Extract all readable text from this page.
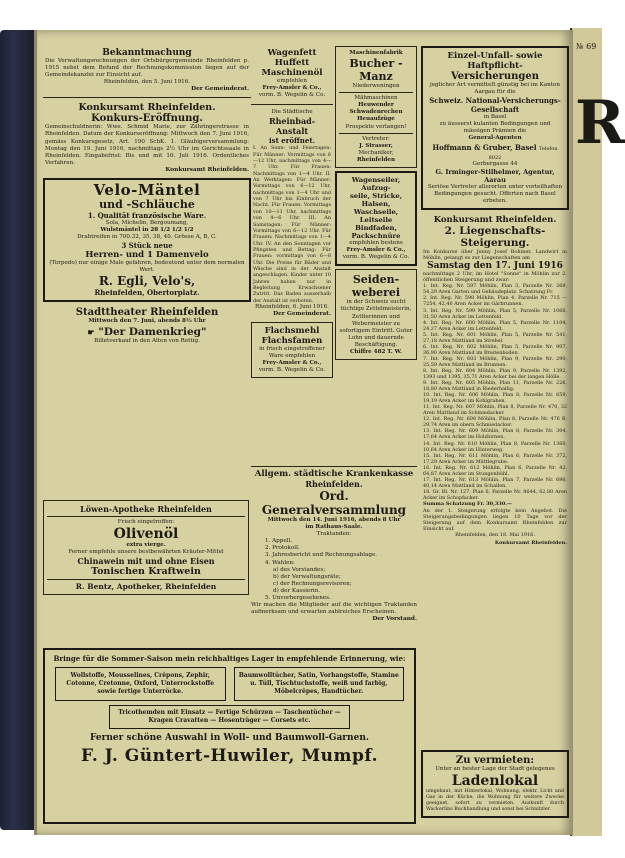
№ 69
R
Bekanntmachung

Die Verwaltungsrechnungen der Ortsbürgergemeinde Rheinfelden p. 1915 nebst dem Befund der Rechnungskommission liegen auf der Gemeindekanzlei zur Einsicht auf.

Rheinfelden, den 5. Juni 1916.

Der Gemeinderat.

Konkursamt Rheinfelden.
Konkurs-Eröffnung.

Gemeinschuldnerin: Wwe. Schmid Marie, zur Zähringerstrasse in Rheinfelden. Datum der Konkurseröffnung: Mittwoch den 7. Juni 1916, gemäss Konkursgesetz, Art. 190 SchK. 1. Gläubigerversammlung: Montag den 19. Juni 1916, nachmittags 2½ Uhr im Gerichtssaale in Rheinfelden. Eingabefrist: Bis und mit 10. Juli 1916. Ordentliches Verfahren.

Konkursamt Rheinfelden.

Velo-Mäntel
und -Schläuche
1. Qualität französische Ware.

Sola, Michelin, Bergoumang,

Wulstmäntel in 28 1/2 1/2 1/2

Drahtreifen in 700.32, 35, 38, 40. Grösse A, B, C.

3 Stück neue
Herren- und 1 Damenvelo

(Torpedo) nur einige Male gefahren, bedeutend unter dem normalen Wert.

R. Egli, Velo's,
Rheinfelden, Obertorplatz.
Stadttheater Rheinfelden

Mittwoch den 7. Juni, abends 8½ Uhr

☛ "Der Damenkrieg"

Billetverkauf in den Alten von Rettig.

Löwen-Apotheke Rheinfelden

Frisch eingetroffen:

Olivenöl

extra vierge.

Ferner empfehle unsere bestbewährten Kräuter-Mittel

Chinawein mit und ohne Eisen
Tonischen Kraftwein
R. Bentz, Apotheker, Rheinfelden
Wagenfett
Huffett
Maschinenöl

empfehlen

Frey-Amsler & Co.,

vorm. B. Wegelin & Co.

Die Städtische

Rheinbad-Anstalt
ist eröffnet.

I. An Sonn- und Feiertagen: Für Männer: Vormittags von 6—12 Uhr, nachmittags von 4—7 Uhr. Für Frauen: Nachmittags von 1—4 Uhr. II. An Werktagen: Für Männer: Vormittags von 6—12 Uhr, nachmittags von 1—4 Uhr und von 7 Uhr bis Einbruch der Nacht. Für Frauen: Vormittags von 10—11 Uhr, nachmittags von 4—6 Uhr. III. An Samstagen: Für Männer: Vormittags von 6—12 Uhr. Für Frauen: Nachmittags von 1—4 Uhr. IV. An den Sonntagen vor Pfingsten und Bettag: Für Frauen: vormittags von 6—8 Uhr. Die Preise für Bäder und Wäsche sind in der Anstalt angeschlagen. Kinder unter 10 Jahren haben nur in Begleitung Erwachsener Zutritt. Das Baden ausserhalb der Anstalt ist verboten.

Rheinfelden, 6. Juni 1916.

Der Gemeinderat.

Flachsmehl
Flachsfamen

in frisch eingetroffener Ware empfehlen

Frey-Amsler & Co.,

vorm. B. Wegelin & Co.

Maschinenfabrik

Bucher - Manz

Niederweningen

Mähmaschinen

Heuwender

Schwadenrechen

Heuaufzüge

Prospekte verlangen!

Vertreter:

J. Strasser,

Mechaniker,

Rheinfelden

Wagenseiler, Aufzug-
seile, Stricke, Halsen,
Waschseile,
Leitseile
Bindfaden, Packschnüre

empfehlen bestens

Frey-Amsler & Co.,

vorm. B. Wegelin & Co.

Seiden-
weberei

in der Schweiz sucht tüchtige Zettelmeisterin, Zettlerinnen und Webermeister zu sofortigem Eintritt. Guter Lohn und dauernde Beschäftigung.

Chiffre 482 T. W.

Allgem. städtische Krankenkasse
Rheinfelden.
Ord. Generalversammlung

Mittwoch den 14. Juni 1916, abends 8 Uhr

im Rathaus-Saale.

Traktanden:

1. Appell.

2. Protokoll.

3. Jahresbericht und Rechnungsablage.

4. Wahlen:

a) des Vorstandes;

b) der Verwaltungsräte;

c) der Rechnungsrevisoren;

d) der Kassierin.

5. Unvorhergesehenes.

Wir machen die Mitglieder auf die wichtigen Traktanden aufmerksam und erwarten zahlreiches Erscheinen.

Der Vorstand.

Einzel-Unfall- sowie Haftpflicht-
Versicherungen

jeglicher Art vermittelt günstig bei im Kanton Aargau für die

Schweiz. National-Versicherungs-Gesellschaft

in Basel

zu äusserst kulanten Bedingungen und mässigen Prämien die

General-Agenten

Hoffmann & Gruber, Basel Telefon 8022

Gerbergasse 44

G. Irminger-Stilhelmer, Agentur, Aarau

Seriöse Vertreter allerorten unter vorteilhaften Bedingungen gesucht. Offerten nach Basel erbeten.

Konkursamt Rheinfelden.
2. Liegenschafts-Steigerung.

Im Konkurse über Jenny Josef Bohmer, Landwirt in Möhlin, gelangt es zur Liegenschaften am

Samstag den 17. Juni 1916

nachmittags 2 Uhr, im Hotel "Sonne" in Möhlin zur 2. öffentlichen Steigerung und zwar:

1. Int. Reg. Nr. 597 Möhlin, Plan 3, Parzelle Nr. 269, 54,29 Aren Garten und Gebäudeplatz. Schatzung Fr.

2. Int. Reg. Nr. 598 Möhlin, Plan 4, Parzelle Nr. 715 — 7254, 42,40 Aren Acker im Gärbrunnen.

3. Int. Reg. Nr. 599 Möhlin, Plan 5, Parzelle Nr. 1066, 31,50 Aren Acker im Lettenfeld.

4. Int. Reg. Nr. 600 Möhlin, Plan 5, Parzelle Nr. 1104, 24,27 Aren Acker im Lettenfeld.

5. Int. Reg. Nr. 601 Möhlin, Plan 5, Parzelle Nr. 541, 27,18 Aren Mattland im Strebel.

6. Int. Reg. Nr. 602 Möhlin, Plan 5, Parzelle Nr. 907, 36,90 Aren Mattland im Breitenboden.

7. Int. Reg. Nr. 603 Möhlin, Plan 9, Parzelle Nr. 290, 25,59 Aren Mattland im Brunnen.

8. Int. Reg. Nr. 604 Möhlin, Plan 9, Parzelle Nr. 1392, 1393 und 1395, 35,71 Aren Acker bei der langen Hölle.

9. Int. Reg. Nr. 605 Möhlin, Plan 11, Parzelle Nr. 226, 18,80 Aren Mattland in Riederhallig.

10. Int. Reg. Nr. 606 Möhlin, Plan 8, Parzelle Nr. 659, 19,19 Aren Acker im Kohlgraben.

11. Int. Reg. Nr. 607 Möhlin, Plan 8, Parzelle Nr. 470, 32 Aren Mattland im Schmiedacker.

12. Int. Reg. Nr. 608 Möhlin, Plan 8, Parzelle Nr. 476 B, 29,74 Aren im obern Schmiedacker.

13. Int. Reg. Nr. 609 Möhlin, Plan 8, Parzelle Nr. 304, 17,64 Aren Acker im Holzbirnen.

14. Int. Reg. Nr. 610 Möhlin, Plan 8, Parzelle Nr. 1360, 10,64 Aren Acker im Hinterweg.

15. Int. Reg. Nr. 611 Möhlin, Plan 6, Parzelle Nr. 372, 17,29 Aren Acker im Mättlegrube.

16. Int. Reg. Nr. 612 Möhlin, Plan 6, Parzelle Nr. 42, 64,87 Aren Acker im Stungenbühl.

17. Int. Reg. Nr. 613 Möhlin, Plan 7, Parzelle Nr. 696, 40,14 Aren Mattland im Schallen.

18. Gr. Bl. Nr. 127, Plan 6, Parzelle Nr. 8644, 62,80 Aren Acker im Schopfacker.

Summa Schatzung Fr. 30,330.—

An der 1. Steigerung erfolgte kein Angebot. Die Steigerungsbedingungen liegen 10 Tage vor der Steigerung auf dem Konkursamt Rheinfelden zur Einsicht auf.

Rheinfelden, den 18. Mai 1916.

Konkursamt Rheinfelden.

Zu vermieten:

Unter an bester Lage der Stadt gelegenes

Ladenlokal

umgebaut, mit Hinterlokal, Wohnung, elektr. Licht und Gas in der Küche, die Wohnung für weitere Zwecke geeignet, sofort zu vermieten. Auskunft durch Wackerlins Buchhandlung und sonst bei Schnitzler.

Bringe für die Sommer-Saison mein reichhaltiges Lager in empfehlende Erinnerung, wie:

Wollstoffe, Mousselines, Crêpons, Zephir, Cotonne, Cretonne, Oxford, Unterrockstoffe sowie fertige Unterröcke.

Baumwolltücher, Satin, Vorhangstoffe, Stamine u. Tüll, Tischtuchstoffe, weiß und farbig, Möbelcrêpes, Handtücher.

Tricothemden mit Einsatz — Fertige Schürzen — Taschentücher — Kragen Cravatten — Hosenträger — Corsets etc.

Ferner schöne Auswahl in Woll- und Baumwoll-Garnen.
F. J. Güntert-Huwiler, Mumpf.
